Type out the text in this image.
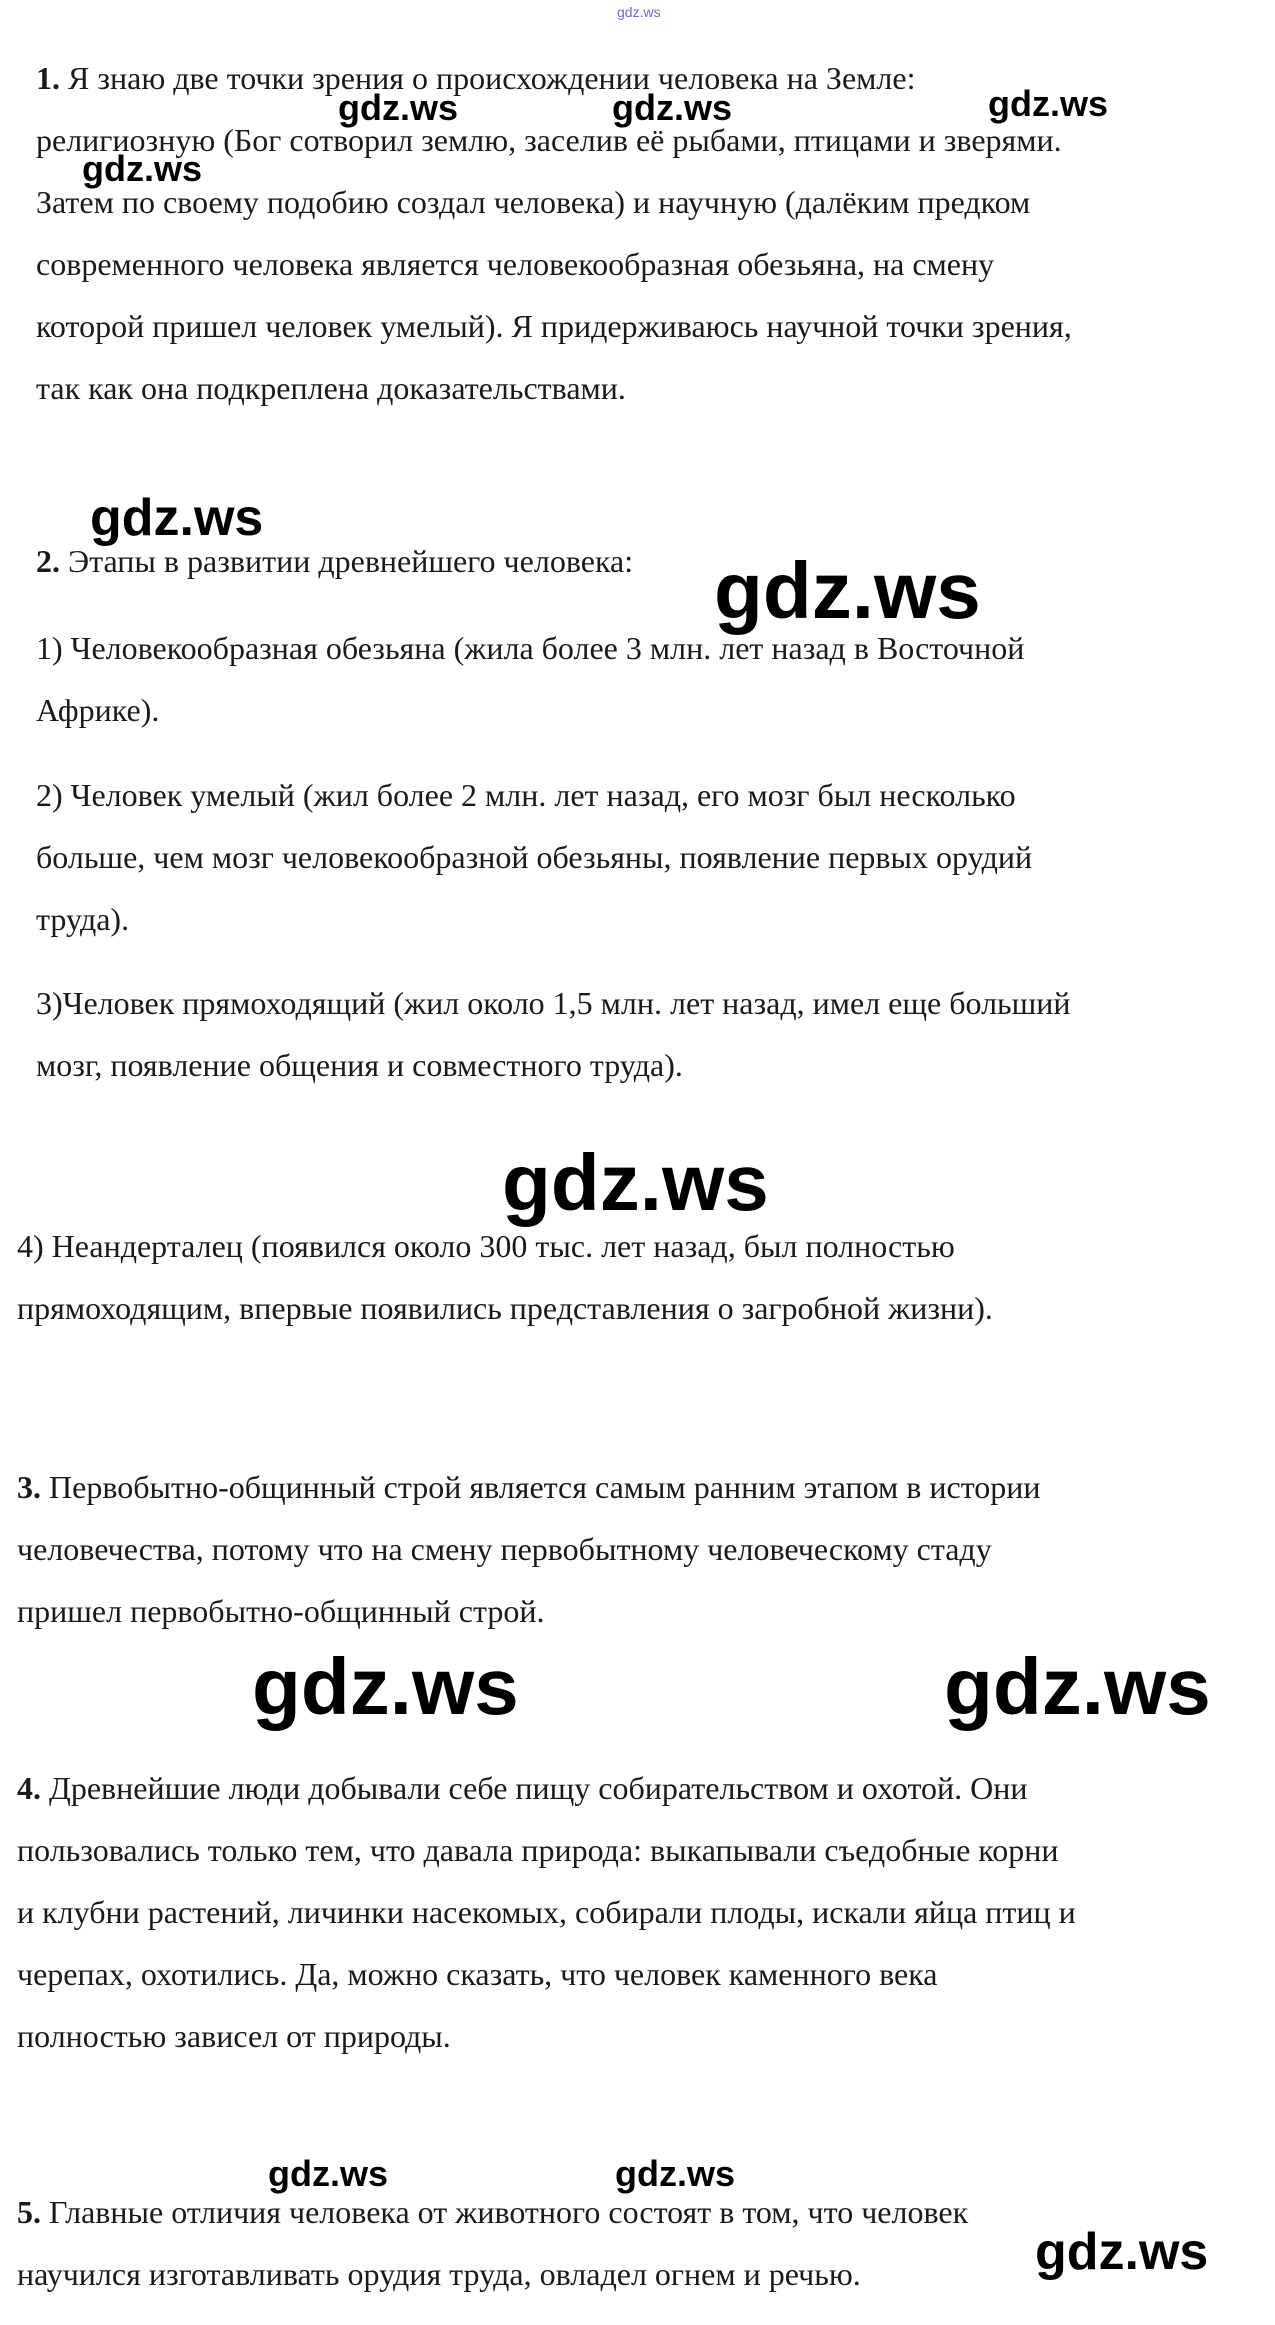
gdz.ws
1. Я знаю две точки зрения о происхождении человека на Земле:
религиозную (Бог сотворил землю, заселив её рыбами, птицами и зверями.
Затем по своему подобию создал человека) и научную (далёким предком
современного человека является человекообразная обезьяна, на смену
которой пришел человек умелый). Я придерживаюсь научной точки зрения,
так как она подкреплена доказательствами.
2. Этапы в развитии древнейшего человека:
1) Человекообразная обезьяна (жила более 3 млн. лет назад в Восточной
Африке).
2) Человек умелый (жил более 2 млн. лет назад, его мозг был несколько
больше, чем мозг человекообразной обезьяны, появление первых орудий
труда).
3)Человек прямоходящий (жил около 1,5 млн. лет назад, имел еще больший
мозг, появление общения и совместного труда).
4) Неандерталец (появился около 300 тыс. лет назад, был полностью
прямоходящим, впервые появились представления о загробной жизни).
3. Первобытно-общинный строй является самым ранним этапом в истории
человечества, потому что на смену первобытному человеческому стаду
пришел первобытно-общинный строй.
4. Древнейшие люди добывали себе пищу собирательством и охотой. Они
пользовались только тем, что давала природа: выкапывали съедобные корни
и клубни растений, личинки насекомых, собирали плоды, искали яйца птиц и
черепах, охотились. Да, можно сказать, что человек каменного века
полностью зависел от природы.
5. Главные отличия человека от животного состоят в том, что человек
научился изготавливать орудия труда, овладел огнем и речью.
gdz.ws	gdz.ws	gdz.ws
gdz.ws
gdz.ws
gdz.ws
gdz.ws
gdz.ws	gdz.ws
gdz.ws	gdz.ws
gdz.ws
